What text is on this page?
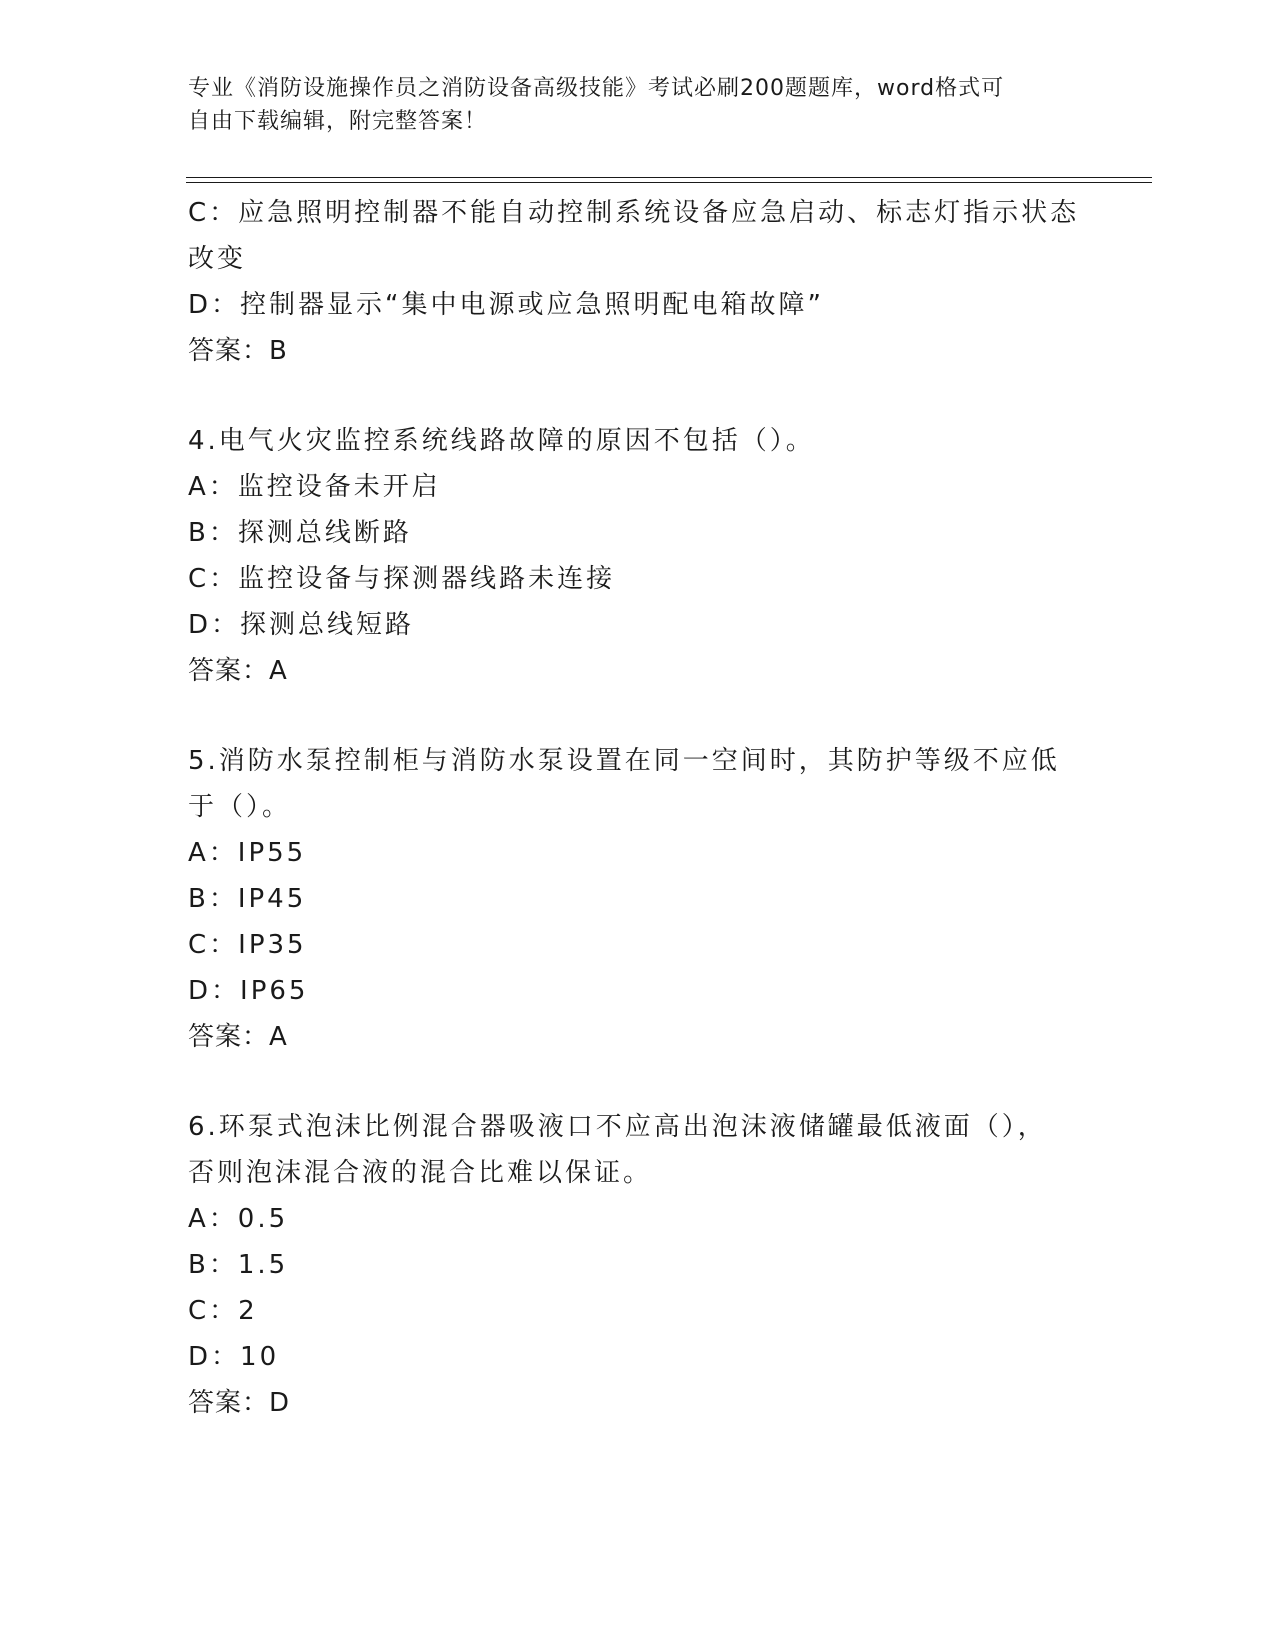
专业《消防设施操作员之消防设备高级技能》考试必刷200题题库，word格式可
自由下载编辑，附完整答案！
C：应急照明控制器不能自动控制系统设备应急启动、标志灯指示状态
改变
D：控制器显示“集中电源或应急照明配电箱故障”
答案：B
4.电气火灾监控系统线路故障的原因不包括（）。
A：监控设备未开启
B：探测总线断路
C：监控设备与探测器线路未连接
D：探测总线短路
答案：A
5.消防水泵控制柜与消防水泵设置在同一空间时，其防护等级不应低
于（）。
A：IP55
B：IP45
C：IP35
D：IP65
答案：A
6.环泵式泡沫比例混合器吸液口不应高出泡沫液储罐最低液面（），
否则泡沫混合液的混合比难以保证。
A：0.5
B：1.5
C：2
D：10
答案：D
